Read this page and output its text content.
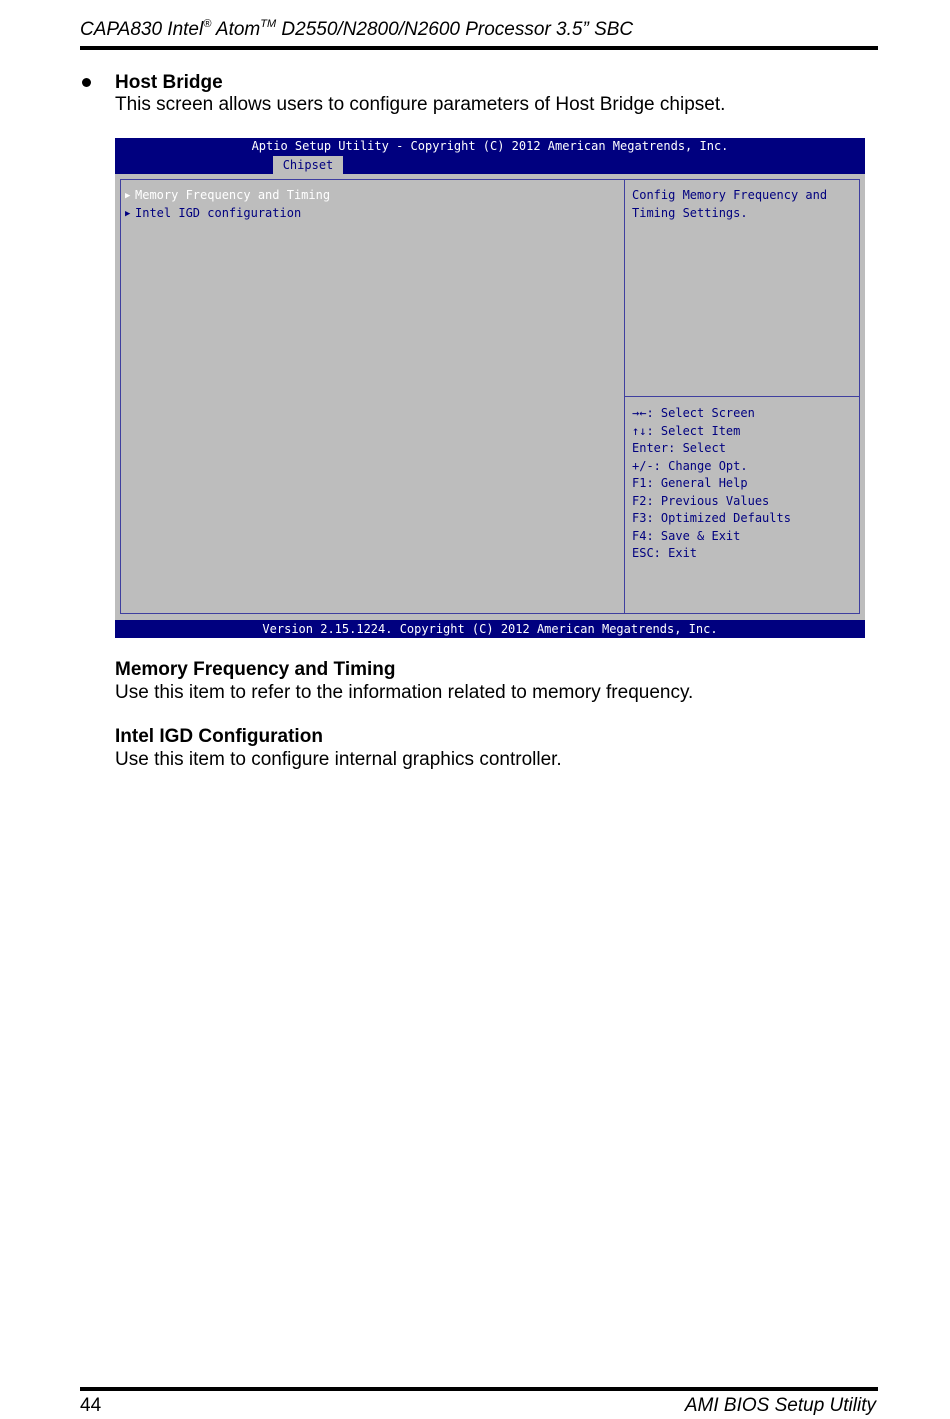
CAPA830 Intel® Atom™ D2550/N2800/N2600 Processor 3.5” SBC
Host Bridge
This screen allows users to configure parameters of Host Bridge chipset.
Aptio Setup Utility - Copyright (C) 2012 American Megatrends, Inc.
Chipset
▶ Memory Frequency and Timing
▶ Intel IGD configuration
Config Memory Frequency and
Timing Settings.
→←: Select Screen
↑↓: Select Item
Enter: Select
+/-: Change Opt.
F1: General Help
F2: Previous Values
F3: Optimized Defaults
F4: Save & Exit
ESC: Exit
Version 2.15.1224. Copyright (C) 2012 American Megatrends, Inc.
Memory Frequency and Timing
Use this item to refer to the information related to memory frequency.
Intel IGD Configuration
Use this item to configure internal graphics controller.
44	AMI BIOS Setup Utility
